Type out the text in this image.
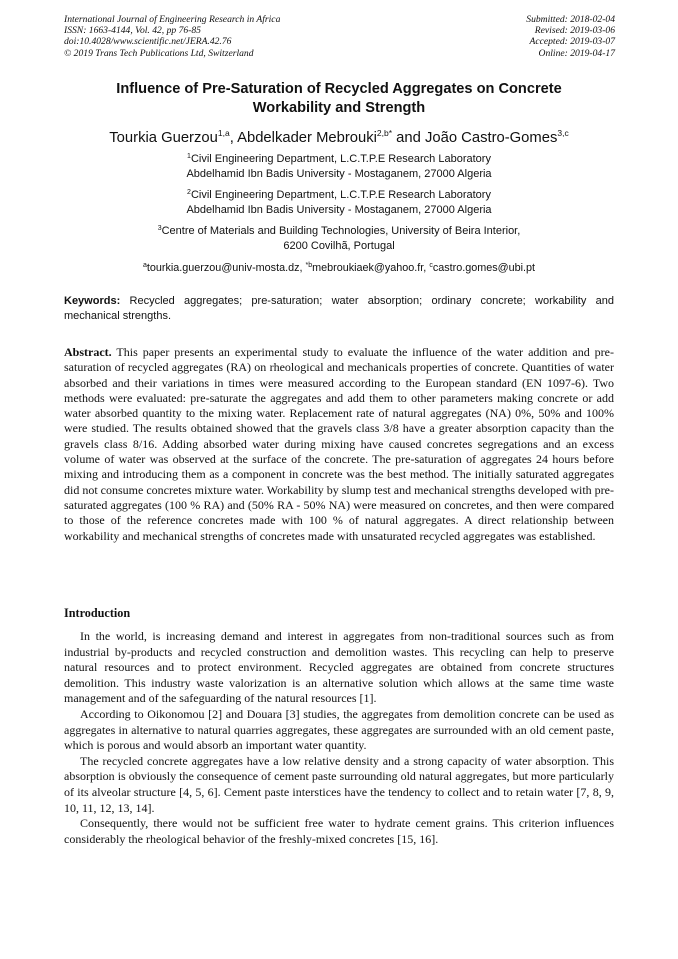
International Journal of Engineering Research in Africa
ISSN: 1663-4144, Vol. 42, pp 76-85
doi:10.4028/www.scientific.net/JERA.42.76
© 2019 Trans Tech Publications Ltd, Switzerland
Submitted: 2018-02-04
Revised: 2019-03-06
Accepted: 2019-03-07
Online: 2019-04-17
Influence of Pre-Saturation of Recycled Aggregates on Concrete
Workability and Strength
Tourkia Guerzou$^{1,a}$, Abdelkader Mebrouki$^{2,b*}$ and João Castro-Gomes$^{3,c}$
$^1$Civil Engineering Department, L.C.T.P.E Research Laboratory
Abdelhamid Ibn Badis University - Mostaganem, 27000 Algeria
$^2$Civil Engineering Department, L.C.T.P.E Research Laboratory
Abdelhamid Ibn Badis University - Mostaganem, 27000 Algeria
$^3$Centre of Materials and Building Technologies, University of Beira Interior,
6200 Covilhã, Portugal
$^a$tourkia.guerzou@univ-mosta.dz, $^{*b}$mebroukiaek@yahoo.fr, $^c$castro.gomes@ubi.pt
Keywords: Recycled aggregates; pre-saturation; water absorption; ordinary concrete; workability and mechanical strengths.
Abstract. This paper presents an experimental study to evaluate the influence of the water addition and pre-saturation of recycled aggregates (RA) on rheological and mechanicals properties of concrete. Quantities of water absorbed and their variations in times were measured according to the European standard (EN 1097-6). Two methods were evaluated: pre-saturate the aggregates and add them to other parameters making concrete or add water absorbed quantity to the mixing water. Replacement rate of natural aggregates (NA) 0%, 50% and 100% were studied. The results obtained showed that the gravels class 3/8 have a greater absorption capacity than the gravels class 8/16. Adding absorbed water during mixing have caused concretes segregations and an excess volume of water was observed at the surface of the concrete. The pre-saturation of aggregates 24 hours before mixing and introducing them as a component in concrete was the best method. The initially saturated aggregates did not consume concretes mixture water. Workability by slump test and mechanical strengths developed with pre-saturated aggregates (100 % RA) and (50% RA - 50% NA) were measured on concretes, and then were compared to those of the reference concretes made with 100 % of natural aggregates. A direct relationship between workability and mechanical strengths of concretes made with unsaturated recycled aggregates was established.
Introduction

In the world, is increasing demand and interest in aggregates from non-traditional sources such as from industrial by-products and recycled construction and demolition wastes. This recycling can help to preserve natural resources and to protect environment. Recycled aggregates are obtained from concrete structures demolition. This industry waste valorization is an alternative solution which allows at the same time waste management and of the safeguarding of the natural resources [1].

According to Oikonomou [2] and Douara [3] studies, the aggregates from demolition concrete can be used as aggregates in alternative to natural quarries aggregates, these aggregates are surrounded with an old cement paste, which is porous and would absorb an important water quantity.

The recycled concrete aggregates have a low relative density and a strong capacity of water absorption. This absorption is obviously the consequence of cement paste surrounding old natural aggregates, but more particularly of its alveolar structure [4, 5, 6]. Cement paste interstices have the tendency to collect and to retain water [7, 8, 9, 10, 11, 12, 13, 14].

Consequently, there would not be sufficient free water to hydrate cement grains. This criterion influences considerably the rheological behavior of the freshly-mixed concretes [15, 16].
